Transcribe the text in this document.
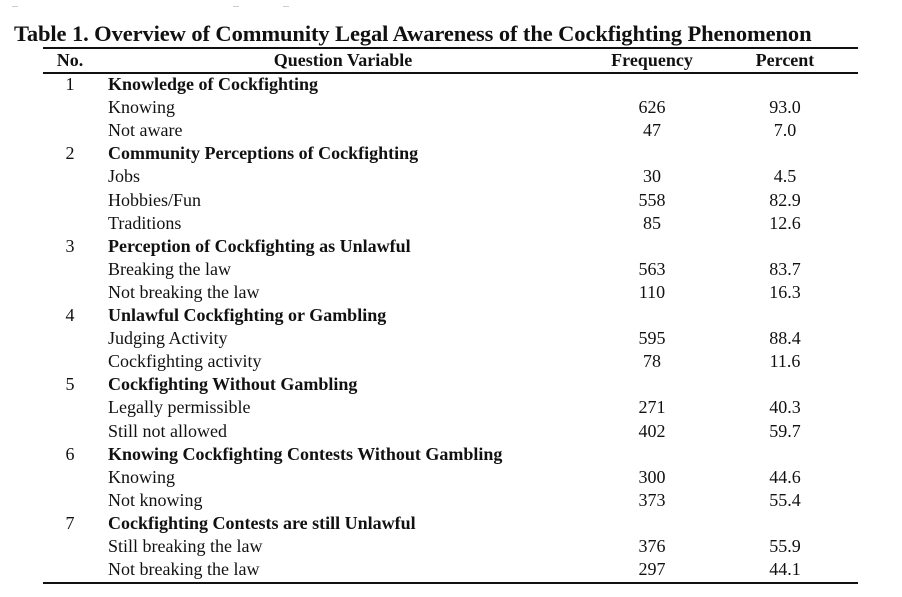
Table 1. Overview of Community Legal Awareness of the Cockfighting Phenomenon
No.	Question Variable	Frequency	Percent
1	Knowledge of Cockfighting
Knowing	626	93.0
Not aware	47	7.0
2	Community Perceptions of Cockfighting
Jobs	30	4.5
Hobbies/Fun	558	82.9
Traditions	85	12.6
3	Perception of Cockfighting as Unlawful
Breaking the law	563	83.7
Not breaking the law	110	16.3
4	Unlawful Cockfighting or Gambling
Judging Activity	595	88.4
Cockfighting activity	78	11.6
5	Cockfighting Without Gambling
Legally permissible	271	40.3
Still not allowed	402	59.7
6	Knowing Cockfighting Contests Without Gambling
Knowing	300	44.6
Not knowing	373	55.4
7	Cockfighting Contests are still Unlawful
Still breaking the law	376	55.9
Not breaking the law	297	44.1
